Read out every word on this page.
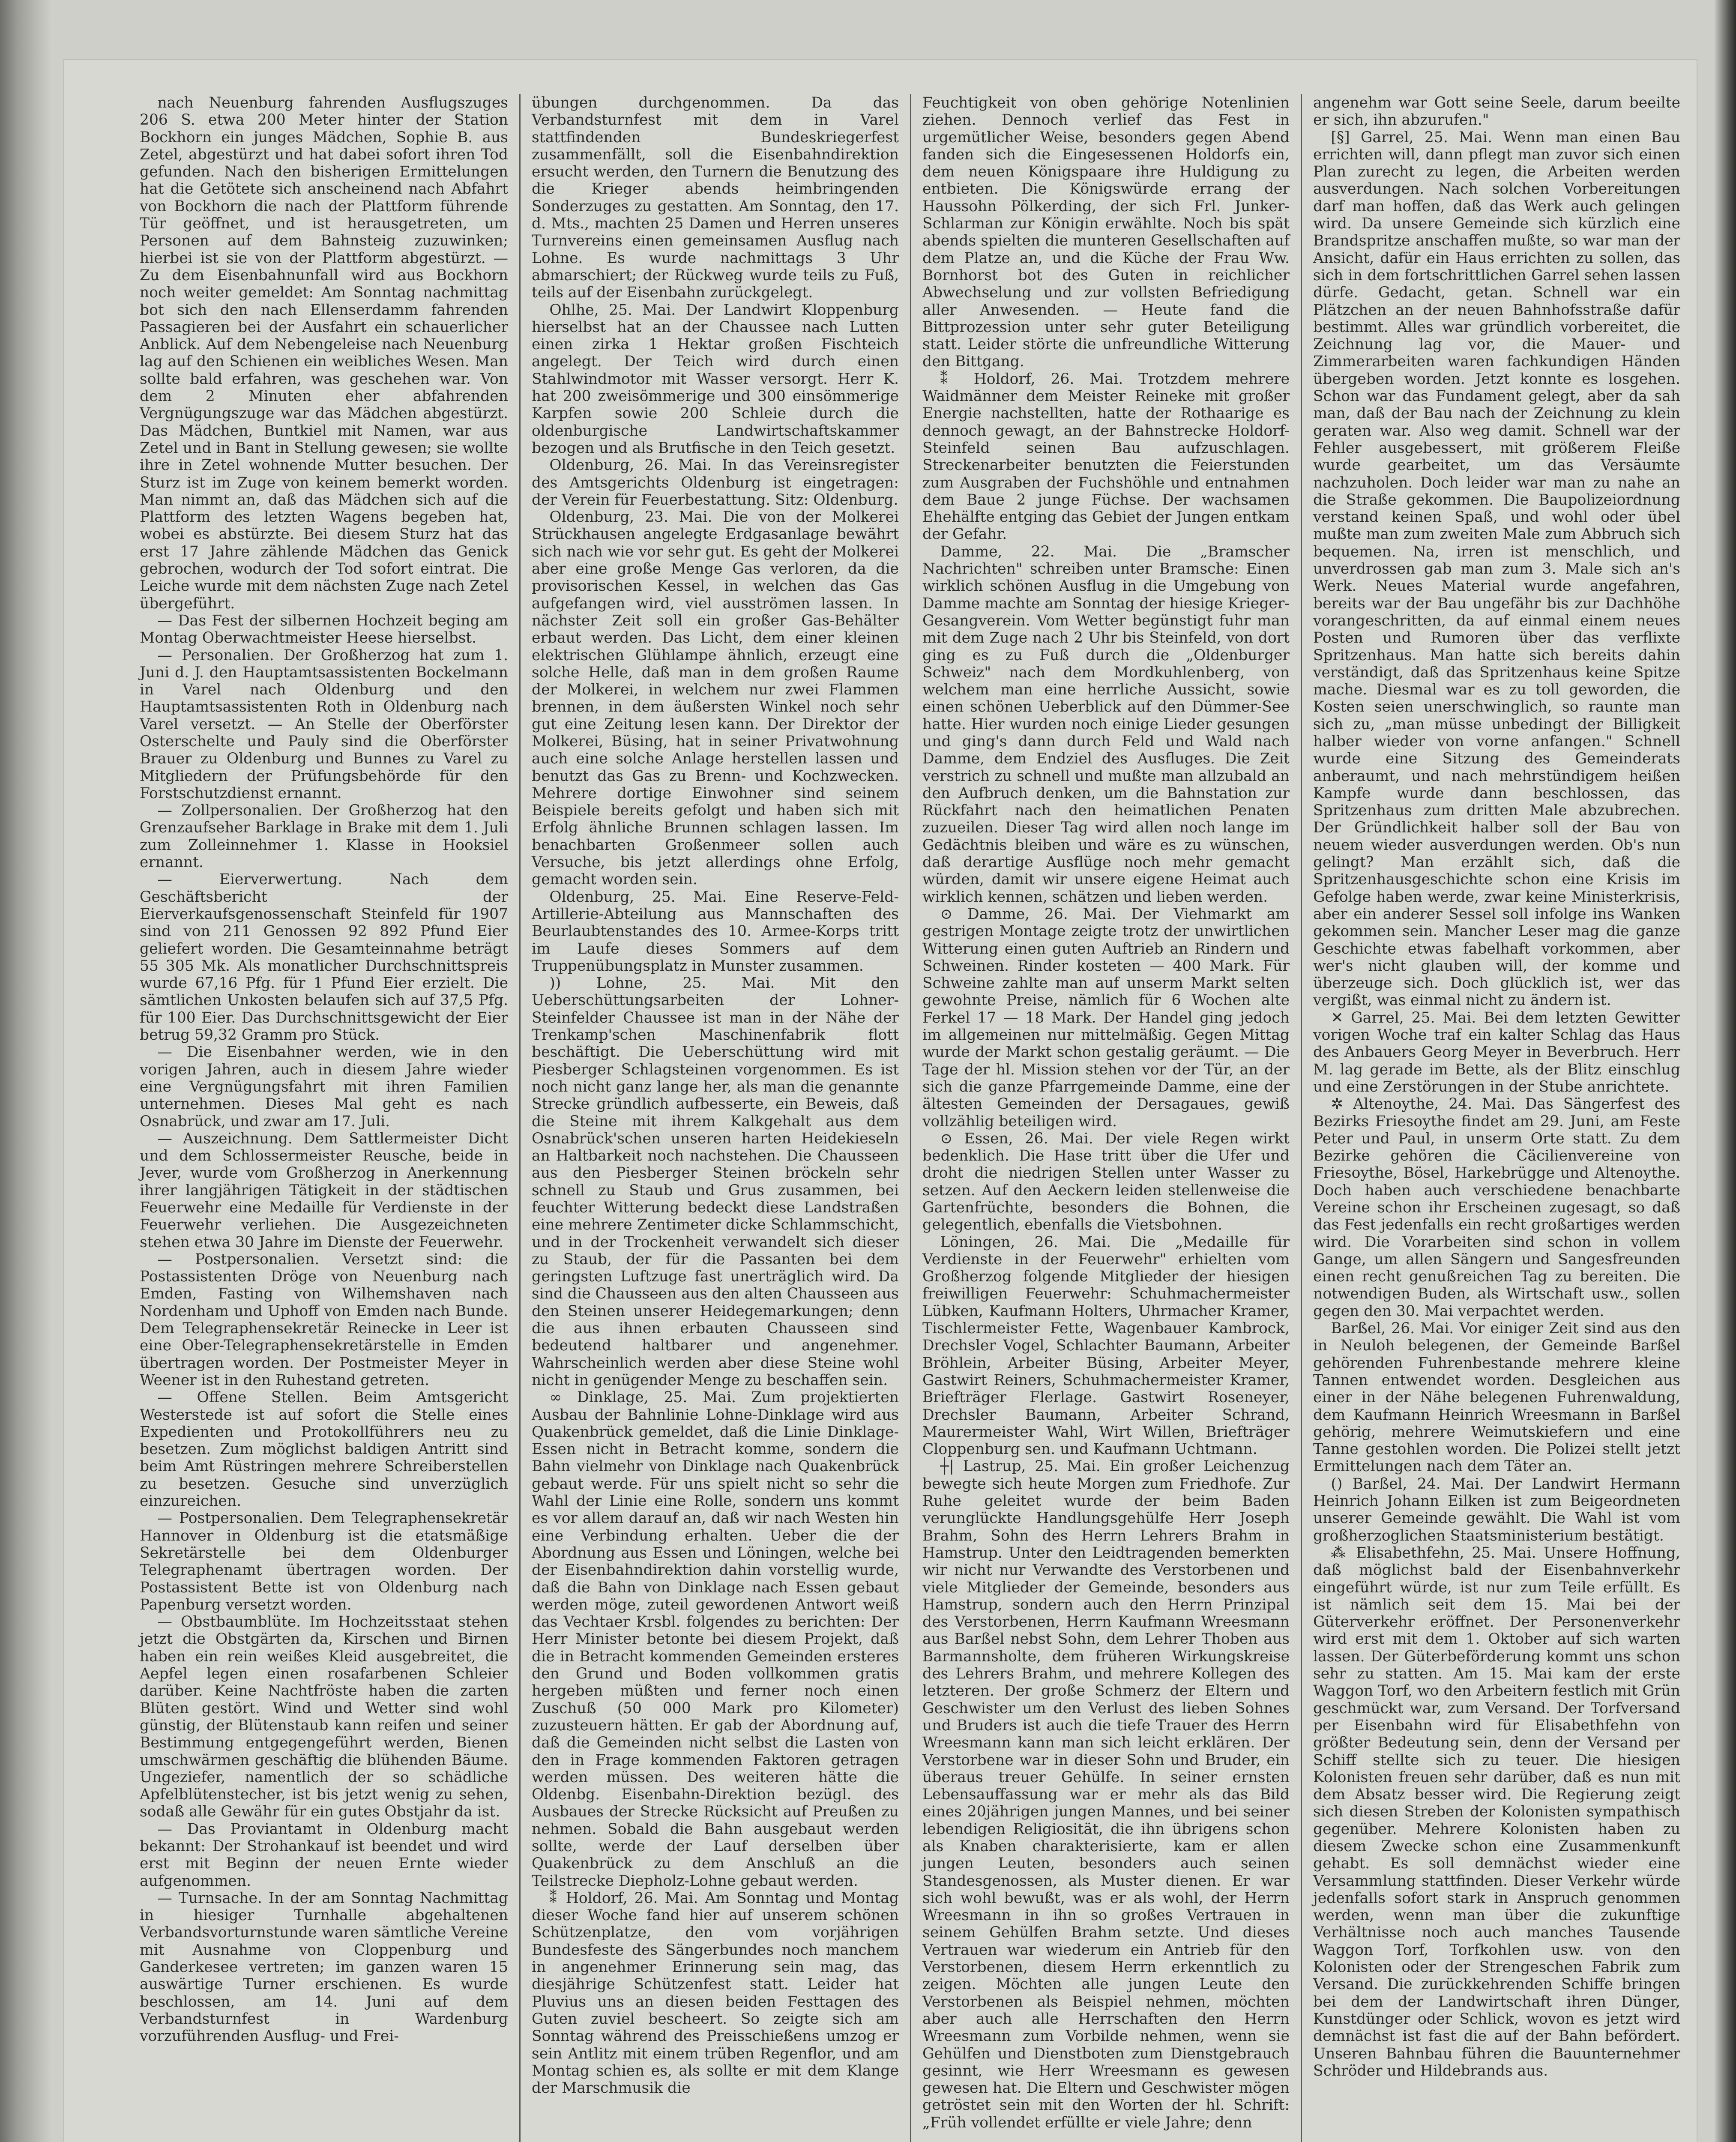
nach Neuenburg fahrenden Ausflugszuges 206 S. etwa 200 Meter hinter der Station Bockhorn ein junges Mädchen, Sophie B. aus Zetel, abgestürzt und hat dabei sofort ihren Tod gefunden. Nach den bisherigen Ermittelungen hat die Getötete sich anscheinend nach Abfahrt von Bockhorn die nach der Plattform führende Tür geöffnet, und ist herausgetreten, um Personen auf dem Bahnsteig zuzuwinken; hierbei ist sie von der Plattform abgestürzt. — Zu dem Eisenbahnunfall wird aus Bockhorn noch weiter gemeldet: Am Sonntag nachmittag bot sich den nach Ellenserdamm fahrenden Passagieren bei der Ausfahrt ein schauerlicher Anblick. Auf dem Nebengeleise nach Neuenburg lag auf den Schienen ein weibliches Wesen. Man sollte bald erfahren, was geschehen war. Von dem 2 Minuten eher abfahrenden Vergnügungszuge war das Mädchen abgestürzt. Das Mädchen, Buntkiel mit Namen, war aus Zetel und in Bant in Stellung gewesen; sie wollte ihre in Zetel wohnende Mutter besuchen. Der Sturz ist im Zuge von keinem bemerkt worden. Man nimmt an, daß das Mädchen sich auf die Plattform des letzten Wagens begeben hat, wobei es abstürzte. Bei diesem Sturz hat das erst 17 Jahre zählende Mädchen das Genick gebrochen, wodurch der Tod sofort eintrat. Die Leiche wurde mit dem nächsten Zuge nach Zetel übergeführt.

— Das Fest der silbernen Hochzeit beging am Montag Oberwachtmeister Heese hierselbst.

— Personalien. Der Großherzog hat zum 1. Juni d. J. den Hauptamtsassistenten Bockelmann in Varel nach Oldenburg und den Hauptamtsassistenten Roth in Oldenburg nach Varel versetzt. — An Stelle der Oberförster Osterschelte und Pauly sind die Oberförster Brauer zu Oldenburg und Bunnes zu Varel zu Mitgliedern der Prüfungsbehörde für den Forstschutzdienst ernannt.

— Zollpersonalien. Der Großherzog hat den Grenzaufseher Barklage in Brake mit dem 1. Juli zum Zolleinnehmer 1. Klasse in Hooksiel ernannt.

— Eierverwertung. Nach dem Geschäftsbericht der Eierverkaufsgenossenschaft Steinfeld für 1907 sind von 211 Genossen 92 892 Pfund Eier geliefert worden. Die Gesamteinnahme beträgt 55 305 Mk. Als monatlicher Durchschnittspreis wurde 67,16 Pfg. für 1 Pfund Eier erzielt. Die sämtlichen Unkosten belaufen sich auf 37,5 Pfg. für 100 Eier. Das Durchschnittsgewicht der Eier betrug 59,32 Gramm pro Stück.

— Die Eisenbahner werden, wie in den vorigen Jahren, auch in diesem Jahre wieder eine Vergnügungsfahrt mit ihren Familien unternehmen. Dieses Mal geht es nach Osnabrück, und zwar am 17. Juli.

— Auszeichnung. Dem Sattlermeister Dicht und dem Schlossermeister Reusche, beide in Jever, wurde vom Großherzog in Anerkennung ihrer langjährigen Tätigkeit in der städtischen Feuerwehr eine Medaille für Verdienste in der Feuerwehr verliehen. Die Ausgezeichneten stehen etwa 30 Jahre im Dienste der Feuerwehr.

— Postpersonalien. Versetzt sind: die Postassistenten Dröge von Neuenburg nach Emden, Fasting von Wilhemshaven nach Nordenham und Uphoff von Emden nach Bunde. Dem Telegraphensekretär Reinecke in Leer ist eine Ober-Telegraphensekretärstelle in Emden übertragen worden. Der Postmeister Meyer in Weener ist in den Ruhestand getreten.

— Offene Stellen. Beim Amtsgericht Westerstede ist auf sofort die Stelle eines Expedienten und Protokollführers neu zu besetzen. Zum möglichst baldigen Antritt sind beim Amt Rüstringen mehrere Schreiberstellen zu besetzen. Gesuche sind unverzüglich einzureichen.

— Postpersonalien. Dem Telegraphensekretär Hannover in Oldenburg ist die etatsmäßige Sekretärstelle bei dem Oldenburger Telegraphenamt übertragen worden. Der Postassistent Bette ist von Oldenburg nach Papenburg versetzt worden.

— Obstbaumblüte. Im Hochzeitsstaat stehen jetzt die Obstgärten da, Kirschen und Birnen haben ein rein weißes Kleid ausgebreitet, die Aepfel legen einen rosafarbenen Schleier darüber. Keine Nachtfröste haben die zarten Blüten gestört. Wind und Wetter sind wohl günstig, der Blütenstaub kann reifen und seiner Bestimmung entgegengeführt werden, Bienen umschwärmen geschäftig die blühenden Bäume. Ungeziefer, namentlich der so schädliche Apfelblütenstecher, ist bis jetzt wenig zu sehen, sodaß alle Gewähr für ein gutes Obstjahr da ist.

— Das Proviantamt in Oldenburg macht bekannt: Der Strohankauf ist beendet und wird erst mit Beginn der neuen Ernte wieder aufgenommen.

— Turnsache. In der am Sonntag Nachmittag in hiesiger Turnhalle abgehaltenen Verbandsvorturnstunde waren sämtliche Vereine mit Ausnahme von Cloppenburg und Ganderkesee vertreten; im ganzen waren 15 auswärtige Turner erschienen. Es wurde beschlossen, am 14. Juni auf dem Verbandsturnfest in Wardenburg vorzuführenden Ausflug- und Frei-

übungen durchgenommen. Da das Verbandsturnfest mit dem in Varel stattfindenden Bundeskriegerfest zusammenfällt, soll die Eisenbahndirektion ersucht werden, den Turnern die Benutzung des die Krieger abends heimbringenden Sonderzuges zu gestatten. Am Sonntag, den 17. d. Mts., machten 25 Damen und Herren unseres Turnvereins einen gemeinsamen Ausflug nach Lohne. Es wurde nachmittags 3 Uhr abmarschiert; der Rückweg wurde teils zu Fuß, teils auf der Eisenbahn zurückgelegt.

Ohlhe, 25. Mai. Der Landwirt Kloppenburg hierselbst hat an der Chaussee nach Lutten einen zirka 1 Hektar großen Fischteich angelegt. Der Teich wird durch einen Stahlwindmotor mit Wasser versorgt. Herr K. hat 200 zweisömmerige und 300 einsömmerige Karpfen sowie 200 Schleie durch die oldenburgische Landwirtschaftskammer bezogen und als Brutfische in den Teich gesetzt.

Oldenburg, 26. Mai. In das Vereinsregister des Amtsgerichts Oldenburg ist eingetragen: der Verein für Feuerbestattung. Sitz: Oldenburg.

Oldenburg, 23. Mai. Die von der Molkerei Strückhausen angelegte Erdgasanlage bewährt sich nach wie vor sehr gut. Es geht der Molkerei aber eine große Menge Gas verloren, da die provisorischen Kessel, in welchen das Gas aufgefangen wird, viel ausströmen lassen. In nächster Zeit soll ein großer Gas-Behälter erbaut werden. Das Licht, dem einer kleinen elektrischen Glühlampe ähnlich, erzeugt eine solche Helle, daß man in dem großen Raume der Molkerei, in welchem nur zwei Flammen brennen, in dem äußersten Winkel noch sehr gut eine Zeitung lesen kann. Der Direktor der Molkerei, Büsing, hat in seiner Privatwohnung auch eine solche Anlage herstellen lassen und benutzt das Gas zu Brenn- und Kochzwecken. Mehrere dortige Einwohner sind seinem Beispiele bereits gefolgt und haben sich mit Erfolg ähnliche Brunnen schlagen lassen. Im benachbarten Großenmeer sollen auch Versuche, bis jetzt allerdings ohne Erfolg, gemacht worden sein.

Oldenburg, 25. Mai. Eine Reserve-Feld-Artillerie-Abteilung aus Mannschaften des Beurlaubtenstandes des 10. Armee-Korps tritt im Laufe dieses Sommers auf dem Truppenübungsplatz in Munster zusammen.

)) Lohne, 25. Mai. Mit den Ueberschüttungsarbeiten der Lohner-Steinfelder Chaussee ist man in der Nähe der Trenkamp'schen Maschinenfabrik flott beschäftigt. Die Ueberschüttung wird mit Piesberger Schlagsteinen vorgenommen. Es ist noch nicht ganz lange her, als man die genannte Strecke gründlich aufbesserte, ein Beweis, daß die Steine mit ihrem Kalkgehalt aus dem Osnabrück'schen unseren harten Heidekieseln an Haltbarkeit noch nachstehen. Die Chausseen aus den Piesberger Steinen bröckeln sehr schnell zu Staub und Grus zusammen, bei feuchter Witterung bedeckt diese Landstraßen eine mehrere Zentimeter dicke Schlammschicht, und in der Trockenheit verwandelt sich dieser zu Staub, der für die Passanten bei dem geringsten Luftzuge fast unerträglich wird. Da sind die Chausseen aus den alten Chausseen aus den Steinen unserer Heidegemarkungen; denn die aus ihnen erbauten Chausseen sind bedeutend haltbarer und angenehmer. Wahrscheinlich werden aber diese Steine wohl nicht in genügender Menge zu beschaffen sein.

∞ Dinklage, 25. Mai. Zum projektierten Ausbau der Bahnlinie Lohne-Dinklage wird aus Quakenbrück gemeldet, daß die Linie Dinklage-Essen nicht in Betracht komme, sondern die Bahn vielmehr von Dinklage nach Quakenbrück gebaut werde. Für uns spielt nicht so sehr die Wahl der Linie eine Rolle, sondern uns kommt es vor allem darauf an, daß wir nach Westen hin eine Verbindung erhalten. Ueber die der Abordnung aus Essen und Löningen, welche bei der Eisenbahndirektion dahin vorstellig wurde, daß die Bahn von Dinklage nach Essen gebaut werden möge, zuteil gewordenen Antwort weiß das Vechtaer Krsbl. folgendes zu berichten: Der Herr Minister betonte bei diesem Projekt, daß die in Betracht kommenden Gemeinden ersteres den Grund und Boden vollkommen gratis hergeben müßten und ferner noch einen Zuschuß (50 000 Mark pro Kilometer) zuzusteuern hätten. Er gab der Abordnung auf, daß die Gemeinden nicht selbst die Lasten von den in Frage kommenden Faktoren getragen werden müssen. Des weiteren hätte die Oldenbg. Eisenbahn-Direktion bezügl. des Ausbaues der Strecke Rücksicht auf Preußen zu nehmen. Sobald die Bahn ausgebaut werden sollte, werde der Lauf derselben über Quakenbrück zu dem Anschluß an die Teilstrecke Diepholz-Lohne gebaut werden.

⁑ Holdorf, 26. Mai. Am Sonntag und Montag dieser Woche fand hier auf unserem schönen Schützenplatze, den vom vorjährigen Bundesfeste des Sängerbundes noch manchem in angenehmer Erinnerung sein mag, das diesjährige Schützenfest statt. Leider hat Pluvius uns an diesen beiden Festtagen des Guten zuviel bescheert. So zeigte sich am Sonntag während des Preisschießens umzog er sein Antlitz mit einem trüben Regenflor, und am Montag schien es, als sollte er mit dem Klange der Marschmusik die

Feuchtigkeit von oben gehörige Notenlinien ziehen. Dennoch verlief das Fest in urgemütlicher Weise, besonders gegen Abend fanden sich die Eingesessenen Holdorfs ein, dem neuen Königspaare ihre Huldigung zu entbieten. Die Königswürde errang der Haussohn Pölkerding, der sich Frl. Junker-Schlarman zur Königin erwählte. Noch bis spät abends spielten die munteren Gesellschaften auf dem Platze an, und die Küche der Frau Ww. Bornhorst bot des Guten in reichlicher Abwechselung und zur vollsten Befriedigung aller Anwesenden. — Heute fand die Bittprozession unter sehr guter Beteiligung statt. Leider störte die unfreundliche Witterung den Bittgang.

⁑ Holdorf, 26. Mai. Trotzdem mehrere Waidmänner dem Meister Reineke mit großer Energie nachstellten, hatte der Rothaarige es dennoch gewagt, an der Bahnstrecke Holdorf-Steinfeld seinen Bau aufzuschlagen. Streckenarbeiter benutzten die Feierstunden zum Ausgraben der Fuchshöhle und entnahmen dem Baue 2 junge Füchse. Der wachsamen Ehehälfte entging das Gebiet der Jungen entkam der Gefahr.

Damme, 22. Mai. Die „Bramscher Nachrichten" schreiben unter Bramsche: Einen wirklich schönen Ausflug in die Umgebung von Damme machte am Sonntag der hiesige Krieger-Gesangverein. Vom Wetter begünstigt fuhr man mit dem Zuge nach 2 Uhr bis Steinfeld, von dort ging es zu Fuß durch die „Oldenburger Schweiz" nach dem Mordkuhlenberg, von welchem man eine herrliche Aussicht, sowie einen schönen Ueberblick auf den Dümmer-See hatte. Hier wurden noch einige Lieder gesungen und ging's dann durch Feld und Wald nach Damme, dem Endziel des Ausfluges. Die Zeit verstrich zu schnell und mußte man allzubald an den Aufbruch denken, um die Bahnstation zur Rückfahrt nach den heimatlichen Penaten zuzueilen. Dieser Tag wird allen noch lange im Gedächtnis bleiben und wäre es zu wünschen, daß derartige Ausflüge noch mehr gemacht würden, damit wir unsere eigene Heimat auch wirklich kennen, schätzen und lieben werden.

⊙ Damme, 26. Mai. Der Viehmarkt am gestrigen Montage zeigte trotz der unwirtlichen Witterung einen guten Auftrieb an Rindern und Schweinen. Rinder kosteten — 400 Mark. Für Schweine zahlte man auf unserm Markt selten gewohnte Preise, nämlich für 6 Wochen alte Ferkel 17 — 18 Mark. Der Handel ging jedoch im allgemeinen nur mittelmäßig. Gegen Mittag wurde der Markt schon gestalig geräumt. — Die Tage der hl. Mission stehen vor der Tür, an der sich die ganze Pfarrgemeinde Damme, eine der ältesten Gemeinden der Dersagaues, gewiß vollzählig beteiligen wird.

⊙ Essen, 26. Mai. Der viele Regen wirkt bedenklich. Die Hase tritt über die Ufer und droht die niedrigen Stellen unter Wasser zu setzen. Auf den Aeckern leiden stellenweise die Gartenfrüchte, besonders die Bohnen, die gelegentlich, ebenfalls die Vietsbohnen.

Löningen, 26. Mai. Die „Medaille für Verdienste in der Feuerwehr" erhielten vom Großherzog folgende Mitglieder der hiesigen freiwilligen Feuerwehr: Schuhmachermeister Lübken, Kaufmann Holters, Uhrmacher Kramer, Tischlermeister Fette, Wagenbauer Kambrock, Drechsler Vogel, Schlachter Baumann, Arbeiter Bröhlein, Arbeiter Büsing, Arbeiter Meyer, Gastwirt Reiners, Schuhmachermeister Kramer, Briefträger Flerlage. Gastwirt Roseneyer, Drechsler Baumann, Arbeiter Schrand, Maurermeister Wahl, Wirt Willen, Briefträger Cloppenburg sen. und Kaufmann Uchtmann.

┼| Lastrup, 25. Mai. Ein großer Leichenzug bewegte sich heute Morgen zum Friedhofe. Zur Ruhe geleitet wurde der beim Baden verunglückte Handlungsgehülfe Herr Joseph Brahm, Sohn des Herrn Lehrers Brahm in Hamstrup. Unter den Leidtragenden bemerkten wir nicht nur Verwandte des Verstorbenen und viele Mitglieder der Gemeinde, besonders aus Hamstrup, sondern auch den Herrn Prinzipal des Verstorbenen, Herrn Kaufmann Wreesmann aus Barßel nebst Sohn, dem Lehrer Thoben aus Barmannsholte, dem früheren Wirkungskreise des Lehrers Brahm, und mehrere Kollegen des letzteren. Der große Schmerz der Eltern und Geschwister um den Verlust des lieben Sohnes und Bruders ist auch die tiefe Trauer des Herrn Wreesmann kann man sich leicht erklären. Der Verstorbene war in dieser Sohn und Bruder, ein überaus treuer Gehülfe. In seiner ernsten Lebensauffassung war er mehr als das Bild eines 20jährigen jungen Mannes, und bei seiner lebendigen Religiosität, die ihn übrigens schon als Knaben charakterisierte, kam er allen jungen Leuten, besonders auch seinen Standesgenossen, als Muster dienen. Er war sich wohl bewußt, was er als wohl, der Herrn Wreesmann in ihn so großes Vertrauen in seinem Gehülfen Brahm setzte. Und dieses Vertrauen war wiederum ein Antrieb für den Verstorbenen, diesem Herrn erkenntlich zu zeigen. Möchten alle jungen Leute den Verstorbenen als Beispiel nehmen, möchten aber auch alle Herrschaften den Herrn Wreesmann zum Vorbilde nehmen, wenn sie Gehülfen und Dienstboten zum Dienstgebrauch gesinnt, wie Herr Wreesmann es gewesen gewesen hat. Die Eltern und Geschwister mögen getröstet sein mit den Worten der hl. Schrift: „Früh vollendet erfüllte er viele Jahre; denn

angenehm war Gott seine Seele, darum beeilte er sich, ihn abzurufen."

[§] Garrel, 25. Mai. Wenn man einen Bau errichten will, dann pflegt man zuvor sich einen Plan zurecht zu legen, die Arbeiten werden ausverdungen. Nach solchen Vorbereitungen darf man hoffen, daß das Werk auch gelingen wird. Da unsere Gemeinde sich kürzlich eine Brandspritze anschaffen mußte, so war man der Ansicht, dafür ein Haus errichten zu sollen, das sich in dem fortschrittlichen Garrel sehen lassen dürfe. Gedacht, getan. Schnell war ein Plätzchen an der neuen Bahnhofsstraße dafür bestimmt. Alles war gründlich vorbereitet, die Zeichnung lag vor, die Mauer- und Zimmerarbeiten waren fachkundigen Händen übergeben worden. Jetzt konnte es losgehen. Schon war das Fundament gelegt, aber da sah man, daß der Bau nach der Zeichnung zu klein geraten war. Also weg damit. Schnell war der Fehler ausgebessert, mit größerem Fleiße wurde gearbeitet, um das Versäumte nachzuholen. Doch leider war man zu nahe an die Straße gekommen. Die Baupolizeiordnung verstand keinen Spaß, und wohl oder übel mußte man zum zweiten Male zum Abbruch sich bequemen. Na, irren ist menschlich, und unverdrossen gab man zum 3. Male sich an's Werk. Neues Material wurde angefahren, bereits war der Bau ungefähr bis zur Dachhöhe vorangeschritten, da auf einmal einem neues Posten und Rumoren über das verflixte Spritzenhaus. Man hatte sich bereits dahin verständigt, daß das Spritzenhaus keine Spitze mache. Diesmal war es zu toll geworden, die Kosten seien unerschwinglich, so raunte man sich zu, „man müsse unbedingt der Billigkeit halber wieder von vorne anfangen." Schnell wurde eine Sitzung des Gemeinderats anberaumt, und nach mehrstündigem heißen Kampfe wurde dann beschlossen, das Spritzenhaus zum dritten Male abzubrechen. Der Gründlichkeit halber soll der Bau von neuem wieder ausverdungen werden. Ob's nun gelingt? Man erzählt sich, daß die Spritzenhausgeschichte schon eine Krisis im Gefolge haben werde, zwar keine Ministerkrisis, aber ein anderer Sessel soll infolge ins Wanken gekommen sein. Mancher Leser mag die ganze Geschichte etwas fabelhaft vorkommen, aber wer's nicht glauben will, der komme und überzeuge sich. Doch glücklich ist, wer das vergißt, was einmal nicht zu ändern ist.

✕ Garrel, 25. Mai. Bei dem letzten Gewitter vorigen Woche traf ein kalter Schlag das Haus des Anbauers Georg Meyer in Beverbruch. Herr M. lag gerade im Bette, als der Blitz einschlug und eine Zerstörungen in der Stube anrichtete.

✲ Altenoythe, 24. Mai. Das Sängerfest des Bezirks Friesoythe findet am 29. Juni, am Feste Peter und Paul, in unserm Orte statt. Zu dem Bezirke gehören die Cäcilienvereine von Friesoythe, Bösel, Harkebrügge und Altenoythe. Doch haben auch verschiedene benachbarte Vereine schon ihr Erscheinen zugesagt, so daß das Fest jedenfalls ein recht großartiges werden wird. Die Vorarbeiten sind schon in vollem Gange, um allen Sängern und Sangesfreunden einen recht genußreichen Tag zu bereiten. Die notwendigen Buden, als Wirtschaft usw., sollen gegen den 30. Mai verpachtet werden.

Barßel, 26. Mai. Vor einiger Zeit sind aus den in Neuloh belegenen, der Gemeinde Barßel gehörenden Fuhrenbestande mehrere kleine Tannen entwendet worden. Desgleichen aus einer in der Nähe belegenen Fuhrenwaldung, dem Kaufmann Heinrich Wreesmann in Barßel gehörig, mehrere Weimutskiefern und eine Tanne gestohlen worden. Die Polizei stellt jetzt Ermittelungen nach dem Täter an.

() Barßel, 24. Mai. Der Landwirt Hermann Heinrich Johann Eilken ist zum Beigeordneten unserer Gemeinde gewählt. Die Wahl ist vom großherzoglichen Staatsministerium bestätigt.

⁂ Elisabethfehn, 25. Mai. Unsere Hoffnung, daß möglichst bald der Eisenbahnverkehr eingeführt würde, ist nur zum Teile erfüllt. Es ist nämlich seit dem 15. Mai bei der Güterverkehr eröffnet. Der Personenverkehr wird erst mit dem 1. Oktober auf sich warten lassen. Der Güterbeförderung kommt uns schon sehr zu statten. Am 15. Mai kam der erste Waggon Torf, wo den Arbeitern festlich mit Grün geschmückt war, zum Versand. Der Torfversand per Eisenbahn wird für Elisabethfehn von größter Bedeutung sein, denn der Versand per Schiff stellte sich zu teuer. Die hiesigen Kolonisten freuen sehr darüber, daß es nun mit dem Absatz besser wird. Die Regierung zeigt sich diesen Streben der Kolonisten sympathisch gegenüber. Mehrere Kolonisten haben zu diesem Zwecke schon eine Zusammenkunft gehabt. Es soll demnächst wieder eine Versammlung stattfinden. Dieser Verkehr würde jedenfalls sofort stark in Anspruch genommen werden, wenn man über die zukunftige Verhältnisse noch auch manches Tausende Waggon Torf, Torfkohlen usw. von den Kolonisten oder der Strengeschen Fabrik zum Versand. Die zurückkehrenden Schiffe bringen bei dem der Landwirtschaft ihren Dünger, Kunstdünger oder Schlick, wovon es jetzt wird demnächst ist fast die auf der Bahn befördert. Unseren Bahnbau führen die Bauunternehmer Schröder und Hildebrands aus.
